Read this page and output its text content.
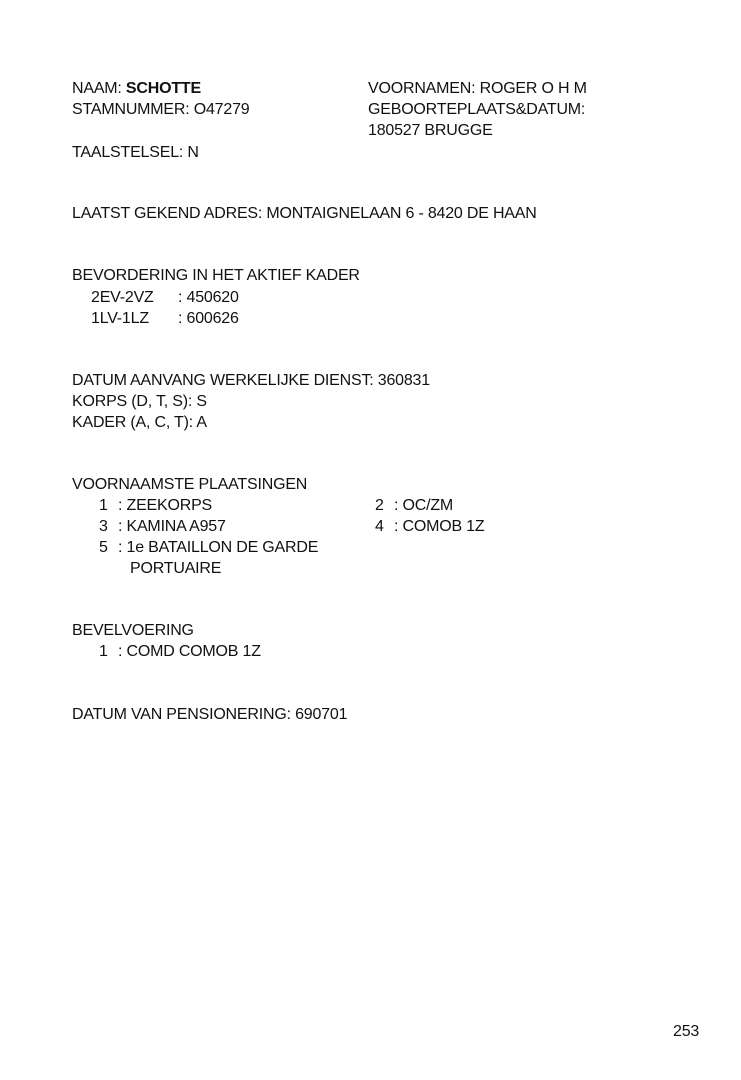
NAAM: SCHOTTE	VOORNAMEN: ROGER O H M
STAMNUMMER: O47279	GEBOORTEPLAATS&DATUM:
180527 BRUGGE
TAALSTELSEL: N
LAATST GEKEND ADRES: MONTAIGNELAAN 6 - 8420 DE HAAN
BEVORDERING IN HET AKTIEF KADER
2EV-2VZ : 450620
1LV-1LZ : 600626
DATUM AANVANG WERKELIJKE DIENST: 360831
KORPS (D, T, S): S
KADER (A, C, T): A
VOORNAAMSTE PLAATSINGEN
1 : ZEEKORPS	2 : OC/ZM
3 : KAMINA A957	4 : COMOB 1Z
5 : 1e BATAILLON DE GARDE
PORTUAIRE
BEVELVOERING
1 : COMD COMOB 1Z
DATUM VAN PENSIONERING: 690701
253
